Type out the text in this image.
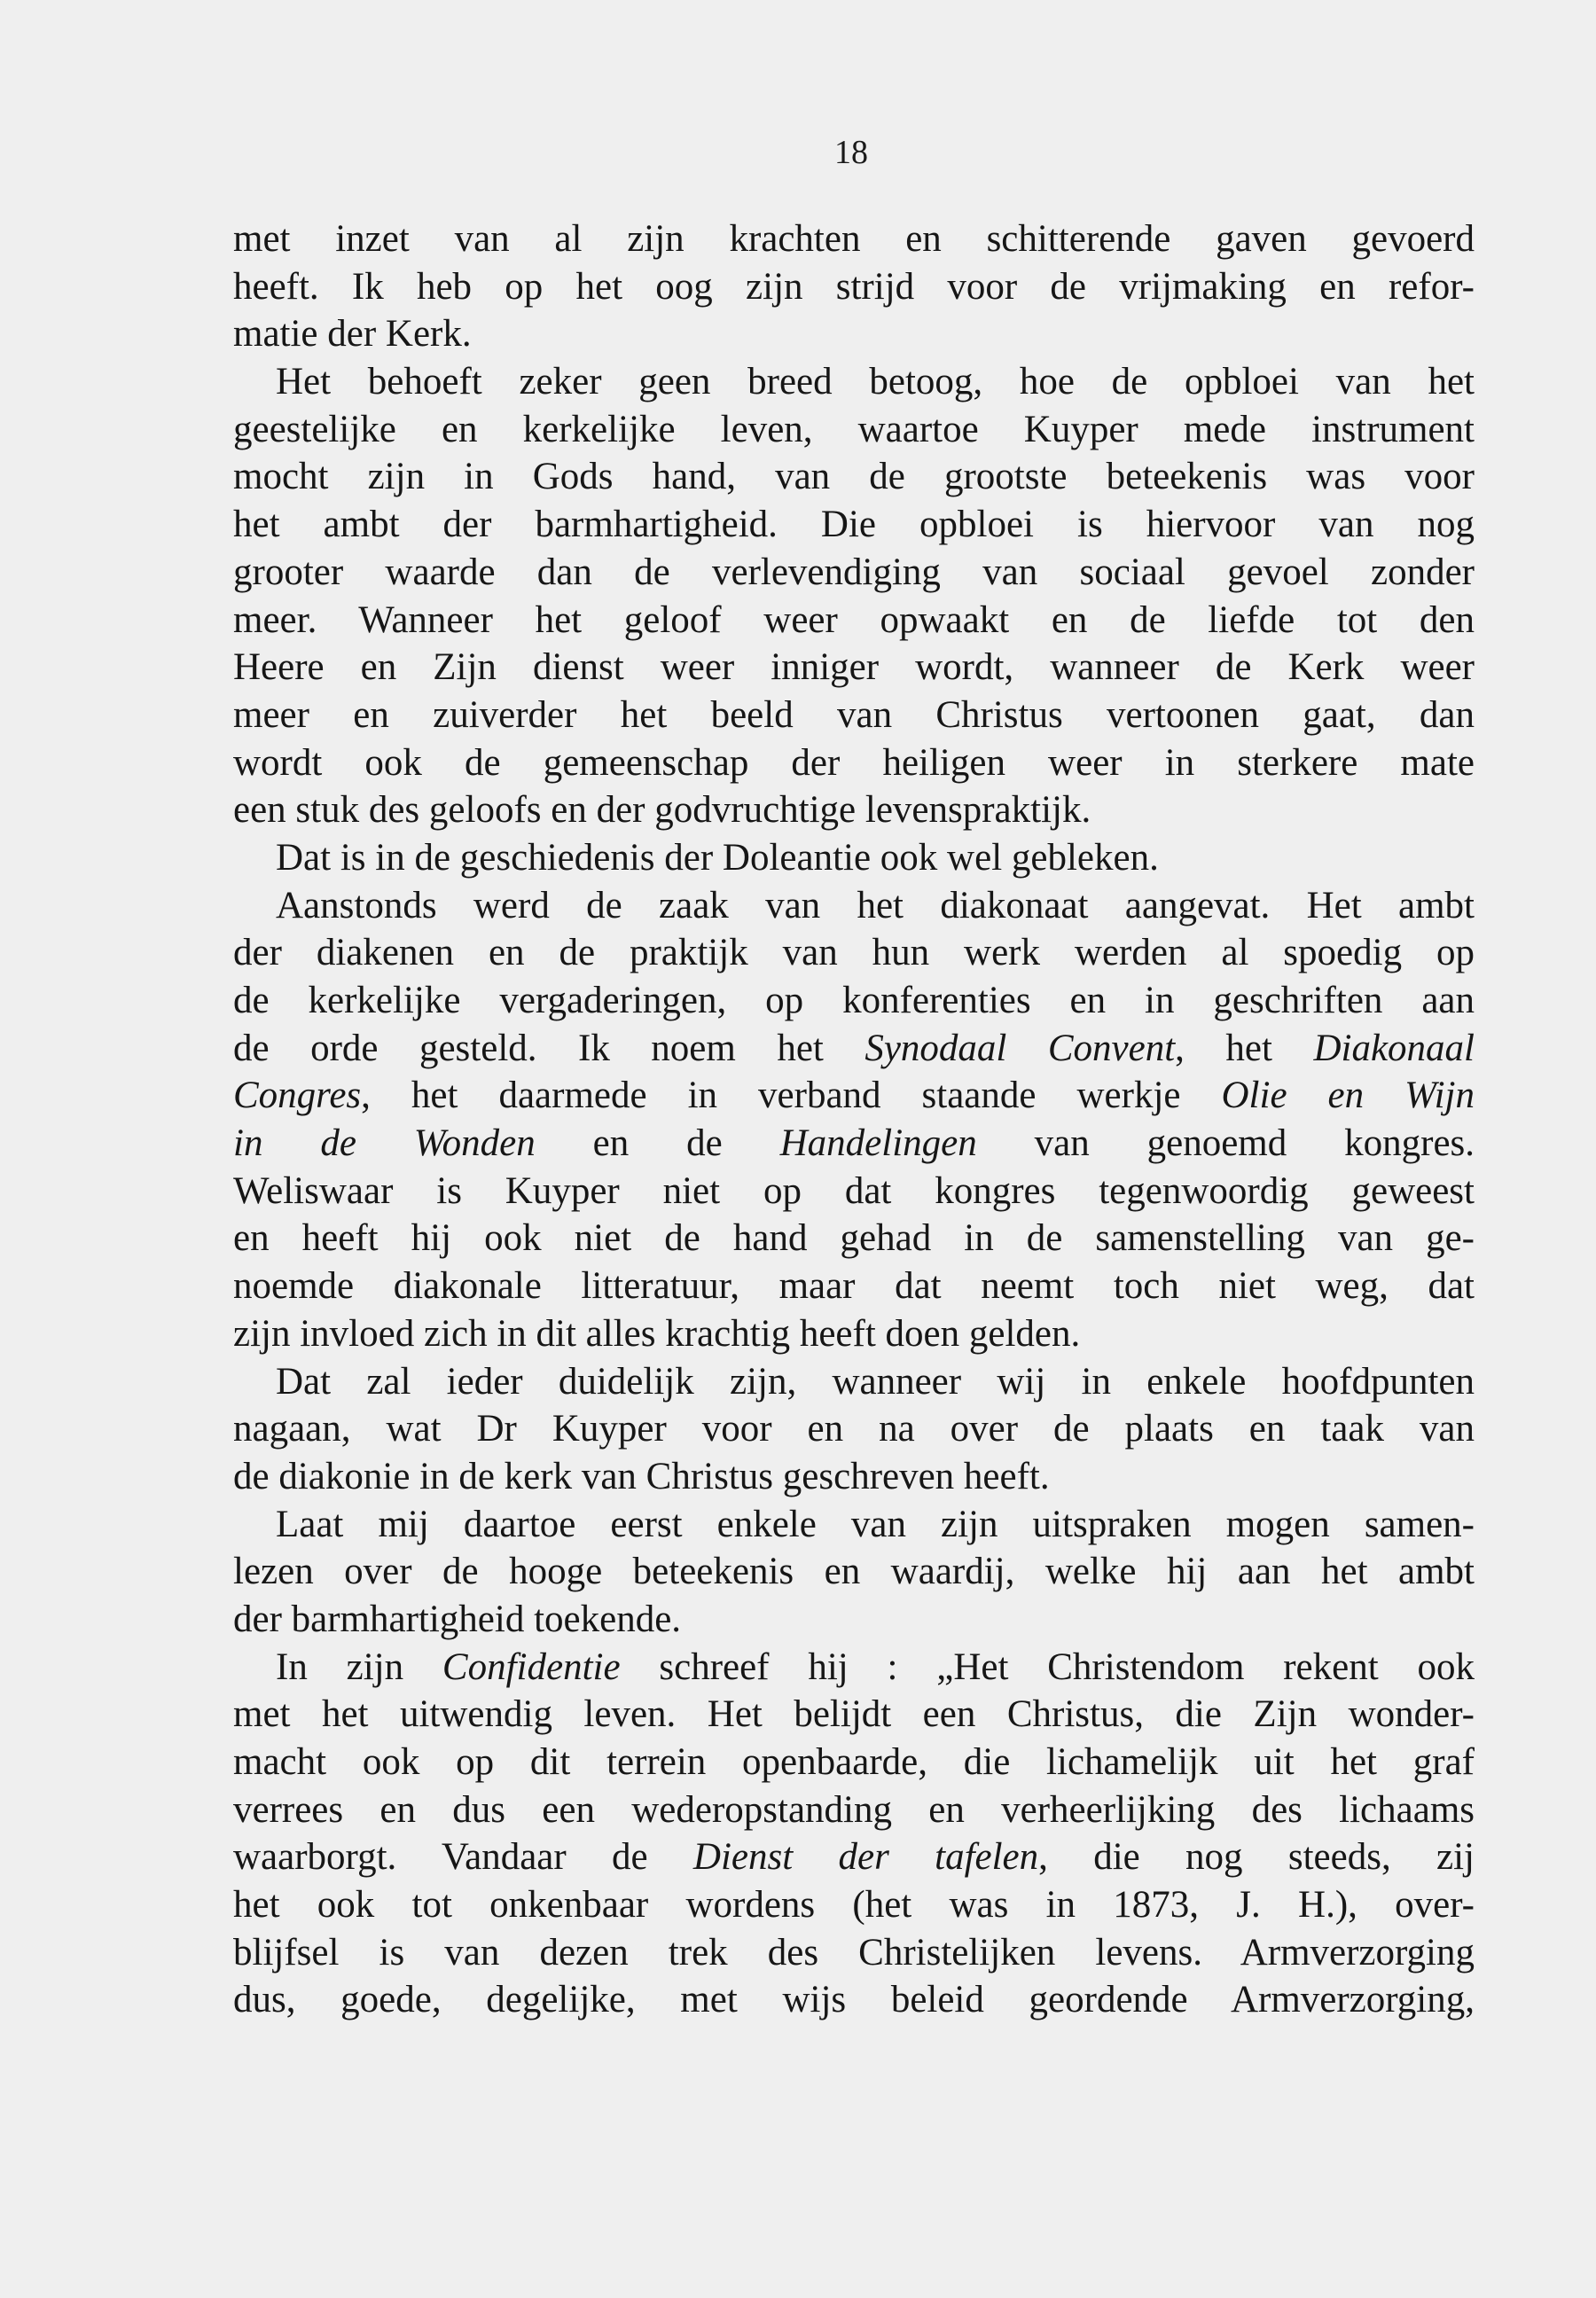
18
met inzet van al zijn krachten en schitterende gaven gevoerd
heeft. Ik heb op het oog zijn strijd voor de vrijmaking en refor-
matie der Kerk.
Het behoeft zeker geen breed betoog, hoe de opbloei van het
geestelijke en kerkelijke leven, waartoe Kuyper mede instrument
mocht zijn in Gods hand, van de grootste beteekenis was voor
het ambt der barmhartigheid. Die opbloei is hiervoor van nog
grooter waarde dan de verlevendiging van sociaal gevoel zonder
meer. Wanneer het geloof weer opwaakt en de liefde tot den
Heere en Zijn dienst weer inniger wordt, wanneer de Kerk weer
meer en zuiverder het beeld van Christus vertoonen gaat, dan
wordt ook de gemeenschap der heiligen weer in sterkere mate
een stuk des geloofs en der godvruchtige levenspraktijk.
Dat is in de geschiedenis der Doleantie ook wel gebleken.
Aanstonds werd de zaak van het diakonaat aangevat. Het ambt
der diakenen en de praktijk van hun werk werden al spoedig op
de kerkelijke vergaderingen, op konferenties en in geschriften aan
de orde gesteld. Ik noem het Synodaal Convent, het Diakonaal
Congres, het daarmede in verband staande werkje Olie en Wijn
in de Wonden en de Handelingen van genoemd kongres.
Weliswaar is Kuyper niet op dat kongres tegenwoordig geweest
en heeft hij ook niet de hand gehad in de samenstelling van ge-
noemde diakonale litteratuur, maar dat neemt toch niet weg, dat
zijn invloed zich in dit alles krachtig heeft doen gelden.
Dat zal ieder duidelijk zijn, wanneer wij in enkele hoofdpunten
nagaan, wat Dr Kuyper voor en na over de plaats en taak van
de diakonie in de kerk van Christus geschreven heeft.
Laat mij daartoe eerst enkele van zijn uitspraken mogen samen-
lezen over de hooge beteekenis en waardij, welke hij aan het ambt
der barmhartigheid toekende.
In zijn Confidentie schreef hij : „Het Christendom rekent ook
met het uitwendig leven. Het belijdt een Christus, die Zijn wonder-
macht ook op dit terrein openbaarde, die lichamelijk uit het graf
verrees en dus een wederopstanding en verheerlijking des lichaams
waarborgt. Vandaar de Dienst der tafelen, die nog steeds, zij
het ook tot onkenbaar wordens (het was in 1873, J. H.), over-
blijfsel is van dezen trek des Christelijken levens. Armverzorging
dus, goede, degelijke, met wijs beleid geordende Armverzorging,
